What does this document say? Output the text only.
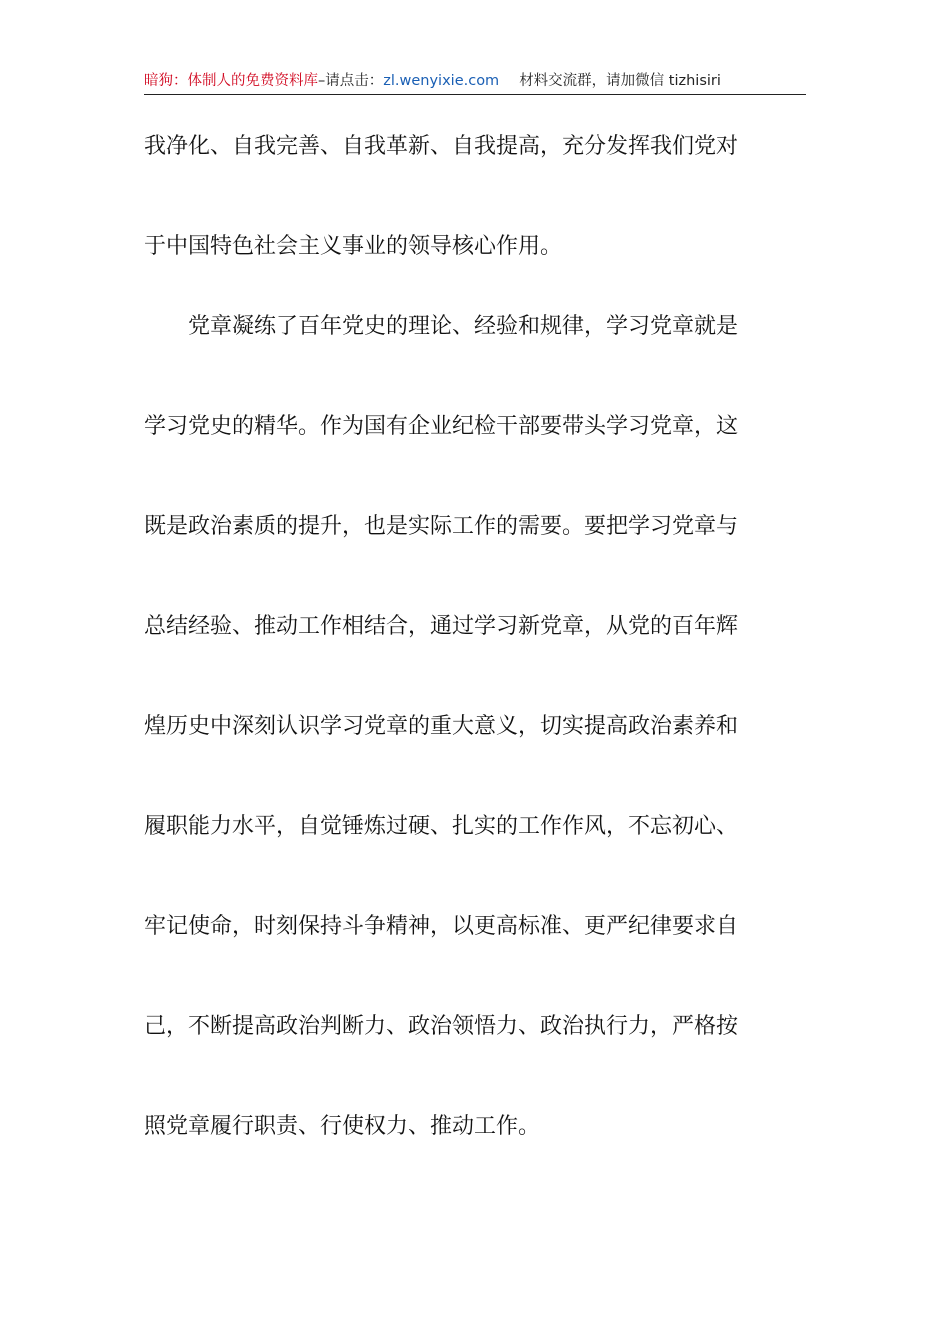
暗狗：体制人的免费资料库–请点击：zl.wenyixie.com 材料交流群，请加微信 tizhisiri
我净化、自我完善、自我革新、自我提高，充分发挥我们党对
于中国特色社会主义事业的领导核心作用。
　　党章凝练了百年党史的理论、经验和规律，学习党章就是
学习党史的精华。作为国有企业纪检干部要带头学习党章，这
既是政治素质的提升，也是实际工作的需要。要把学习党章与
总结经验、推动工作相结合，通过学习新党章，从党的百年辉
煌历史中深刻认识学习党章的重大意义，切实提高政治素养和
履职能力水平，自觉锤炼过硬、扎实的工作作风，不忘初心、
牢记使命，时刻保持斗争精神，以更高标准、更严纪律要求自
己，不断提高政治判断力、政治领悟力、政治执行力，严格按
照党章履行职责、行使权力、推动工作。
